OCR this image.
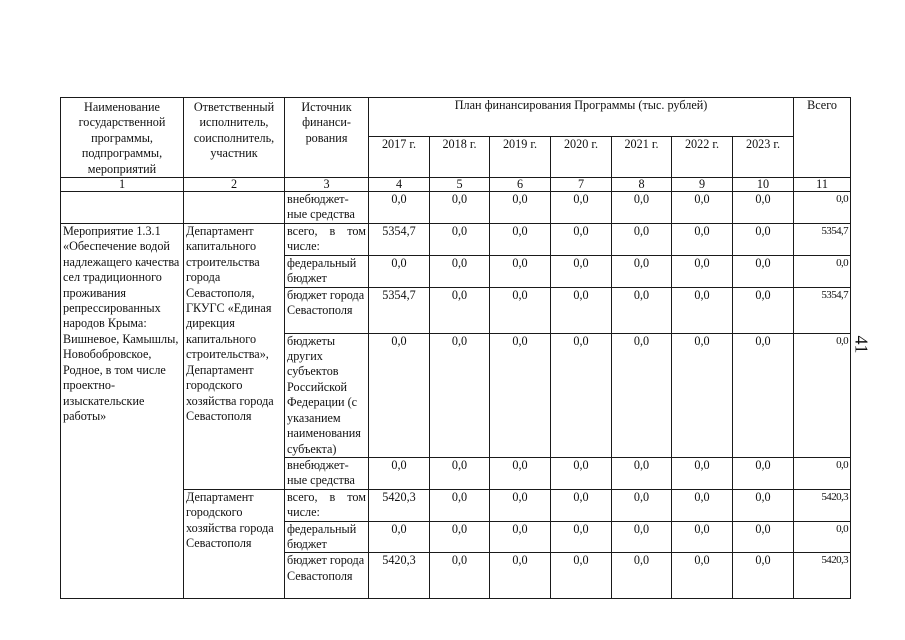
Наименование государственной программы, подпрограммы, мероприятий	Ответственный исполнитель, соисполнитель, участник	Источник финанси-рования	План финансирования Программы (тыс. рублей)							Всего
			2017 г.	2018 г.	2019 г.	2020 г.	2021 г.	2022 г.	2023 г.	
1	2	3	4	5	6	7	8	9	10	11
		внебюджет-ные средства	0,0	0,0	0,0	0,0	0,0	0,0	0,0	0,0
Мероприятие 1.3.1 «Обеспечение водой надлежащего качества сел традиционного проживания репрессированных народов Крыма: Вишневое, Камышлы, Новобобровское, Родное, в том числе проектно-изыскательские работы»	Департамент капитального строительства города Севастополя, ГКУГС «Единая дирекция капитального строительства», Департамент городского хозяйства города Севастополя	всего, в том числе:	5354,7	0,0	0,0	0,0	0,0	0,0	0,0	5354,7
		федеральный бюджет	0,0	0,0	0,0	0,0	0,0	0,0	0,0	0,0
		бюджет города Севастополя	5354,7	0,0	0,0	0,0	0,0	0,0	0,0	5354,7
		бюджеты других субъектов Российской Федерации (с указанием наименования субъекта)	0,0	0,0	0,0	0,0	0,0	0,0	0,0	0,0
		внебюджет-ные средства	0,0	0,0	0,0	0,0	0,0	0,0	0,0	0,0
	Департамент городского хозяйства города Севастополя	всего, в том числе:	5420,3	0,0	0,0	0,0	0,0	0,0	0,0	5420,3
		федеральный бюджет	0,0	0,0	0,0	0,0	0,0	0,0	0,0	0,0
		бюджет города Севастополя	5420,3	0,0	0,0	0,0	0,0	0,0	0,0	5420,3
41
